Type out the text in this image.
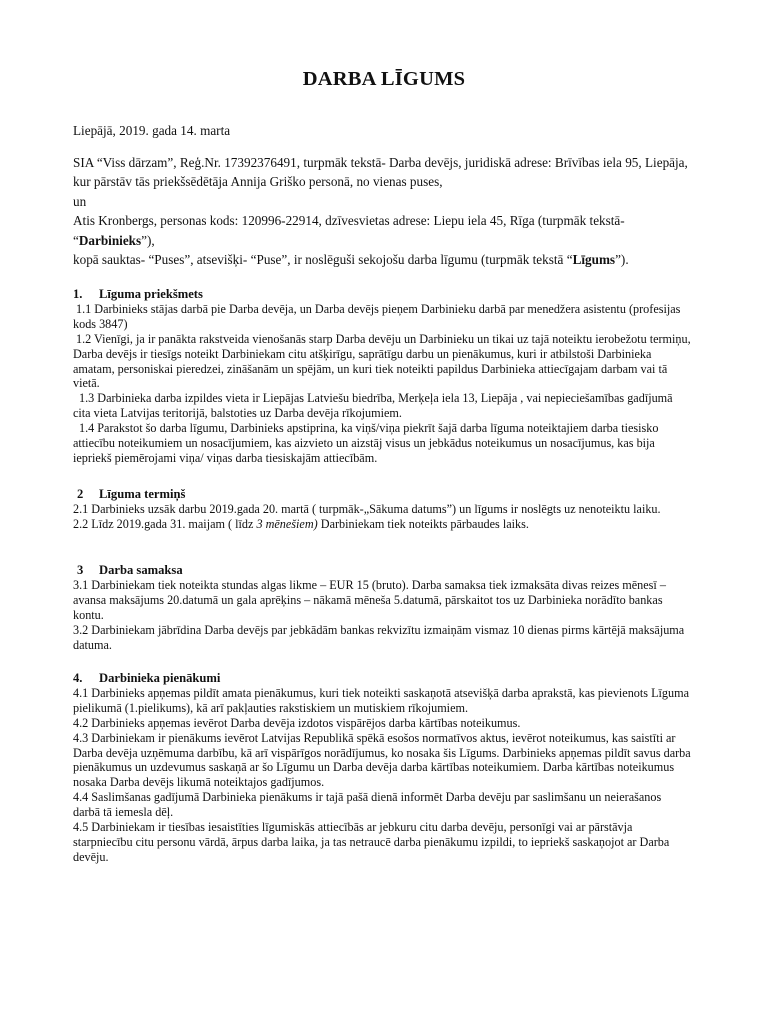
DARBA LĪGUMS

Liepājā, 2019. gada 14. marta

SIA “Viss dārzam”, Reģ.Nr. 17392376491, turpmāk tekstā- Darba devējs, juridiskā adrese: Brīvības iela 95, Liepāja, kur pārstāv tās priekšsēdētāja Annija Griško personā, no vienas puses,

un

Atis Kronbergs, personas kods: 120996-22914, dzīvesvietas adrese: Liepu iela 45, Rīga (turpmāk tekstā- “Darbinieks”),

kopā sauktas- “Puses”, atsevišķi- “Puse”, ir noslēguši sekojošu darba līgumu (turpmāk tekstā “Līgums”).

1. Līguma priekšmets

1.1 Darbinieks stājas darbā pie Darba devēja, un Darba devējs pieņem Darbinieku darbā par menedžera asistentu (profesijas kods 3847)

1.2 Vienīgi, ja ir panākta rakstveida vienošanās starp Darba devēju un Darbinieku un tikai uz tajā noteiktu ierobežotu termiņu, Darba devējs ir tiesīgs noteikt Darbiniekam citu atšķirīgu, saprātīgu darbu un pienākumus, kuri ir atbilstoši Darbinieka amatam, personiskai pieredzei, zināšanām un spējām, un kuri tiek noteikti papildus Darbinieka attiecīgajam darbam vai tā vietā.

1.3 Darbinieka darba izpildes vieta ir Liepājas Latviešu biedrība, Merķeļa iela 13, Liepāja , vai nepieciešamības gadījumā cita vieta Latvijas teritorijā, balstoties uz Darba devēja rīkojumiem.

1.4 Parakstot šo darba līgumu, Darbinieks apstiprina, ka viņš/viņa piekrīt šajā darba līguma noteiktajiem darba tiesisko attiecību noteikumiem un nosacījumiem, kas aizvieto un aizstāj visus un jebkādus noteikumus un nosacījumus, kas bija iepriekš piemērojami viņa/ viņas darba tiesiskajām attiecībām.

2 Līguma termiņš

2.1 Darbinieks uzsāk darbu 2019.gada 20. martā ( turpmāk-„Sākuma datums”) un līgums ir noslēgts uz nenoteiktu laiku.

2.2 Līdz 2019.gada 31. maijam ( līdz 3 mēnešiem) Darbiniekam tiek noteikts pārbaudes laiks.

3 Darba samaksa

3.1 Darbiniekam tiek noteikta stundas algas likme – EUR 15 (bruto). Darba samaksa tiek izmaksāta divas reizes mēnesī – avansa maksājums 20.datumā un gala aprēķins – nākamā mēneša 5.datumā, pārskaitot tos uz Darbinieka norādīto bankas kontu.

3.2 Darbiniekam jābrīdina Darba devējs par jebkādām bankas rekvizītu izmaiņām vismaz 10 dienas pirms kārtējā maksājuma datuma.

4. Darbinieka pienākumi

4.1 Darbinieks apņemas pildīt amata pienākumus, kuri tiek noteikti saskaņotā atsevišķā darba aprakstā, kas pievienots Līguma pielikumā (1.pielikums), kā arī pakļauties rakstiskiem un mutiskiem rīkojumiem.

4.2 Darbinieks apņemas ievērot Darba devēja izdotos vispārējos darba kārtības noteikumus.

4.3 Darbiniekam ir pienākums ievērot Latvijas Republikā spēkā esošos normatīvos aktus, ievērot noteikumus, kas saistīti ar Darba devēja uzņēmuma darbību, kā arī vispārīgos norādījumus, ko nosaka šis Līgums. Darbinieks apņemas pildīt savus darba pienākumus un uzdevumus saskaņā ar šo Līgumu un Darba devēja darba kārtības noteikumiem. Darba kārtības noteikumus nosaka Darba devējs likumā noteiktajos gadījumos.

4.4 Saslimšanas gadījumā Darbinieka pienākums ir tajā pašā dienā informēt Darba devēju par saslimšanu un neierašanos darbā tā iemesla dēļ.

4.5 Darbiniekam ir tiesības iesaistīties līgumiskās attiecībās ar jebkuru citu darba devēju, personīgi vai ar pārstāvja starpniecību citu personu vārdā, ārpus darba laika, ja tas netraucē darba pienākumu izpildi, to iepriekš saskaņojot ar Darba devēju.
